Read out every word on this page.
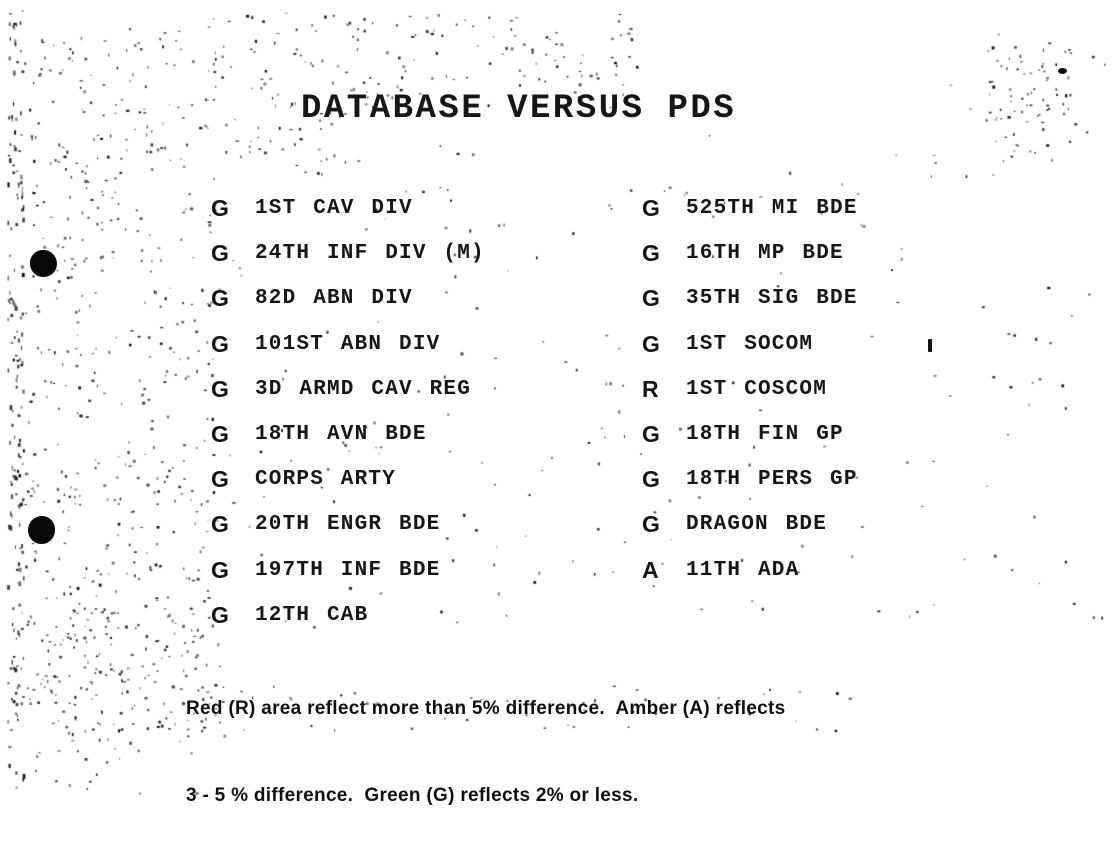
DATABASE VERSUS PDS
G	1ST CAV DIV
G	24TH INF DIV (M)
G	82D ABN DIV
G	101ST ABN DIV
G	3D ARMD CAV REG
G	18TH AVN BDE
G	CORPS ARTY
G	20TH ENGR BDE
G	197TH INF BDE
G	12TH CAB
G	525TH MI BDE
G	16TH MP BDE
G	35TH SIG BDE
G	1ST SOCOM
R	1ST COSCOM
G	18TH FIN GP
G	18TH PERS GP
G	DRAGON BDE
A	11TH ADA

Red (R) area reflect more than 5% difference.  Amber (A) reflects

3 - 5 % difference.  Green (G) reflects 2% or less.
